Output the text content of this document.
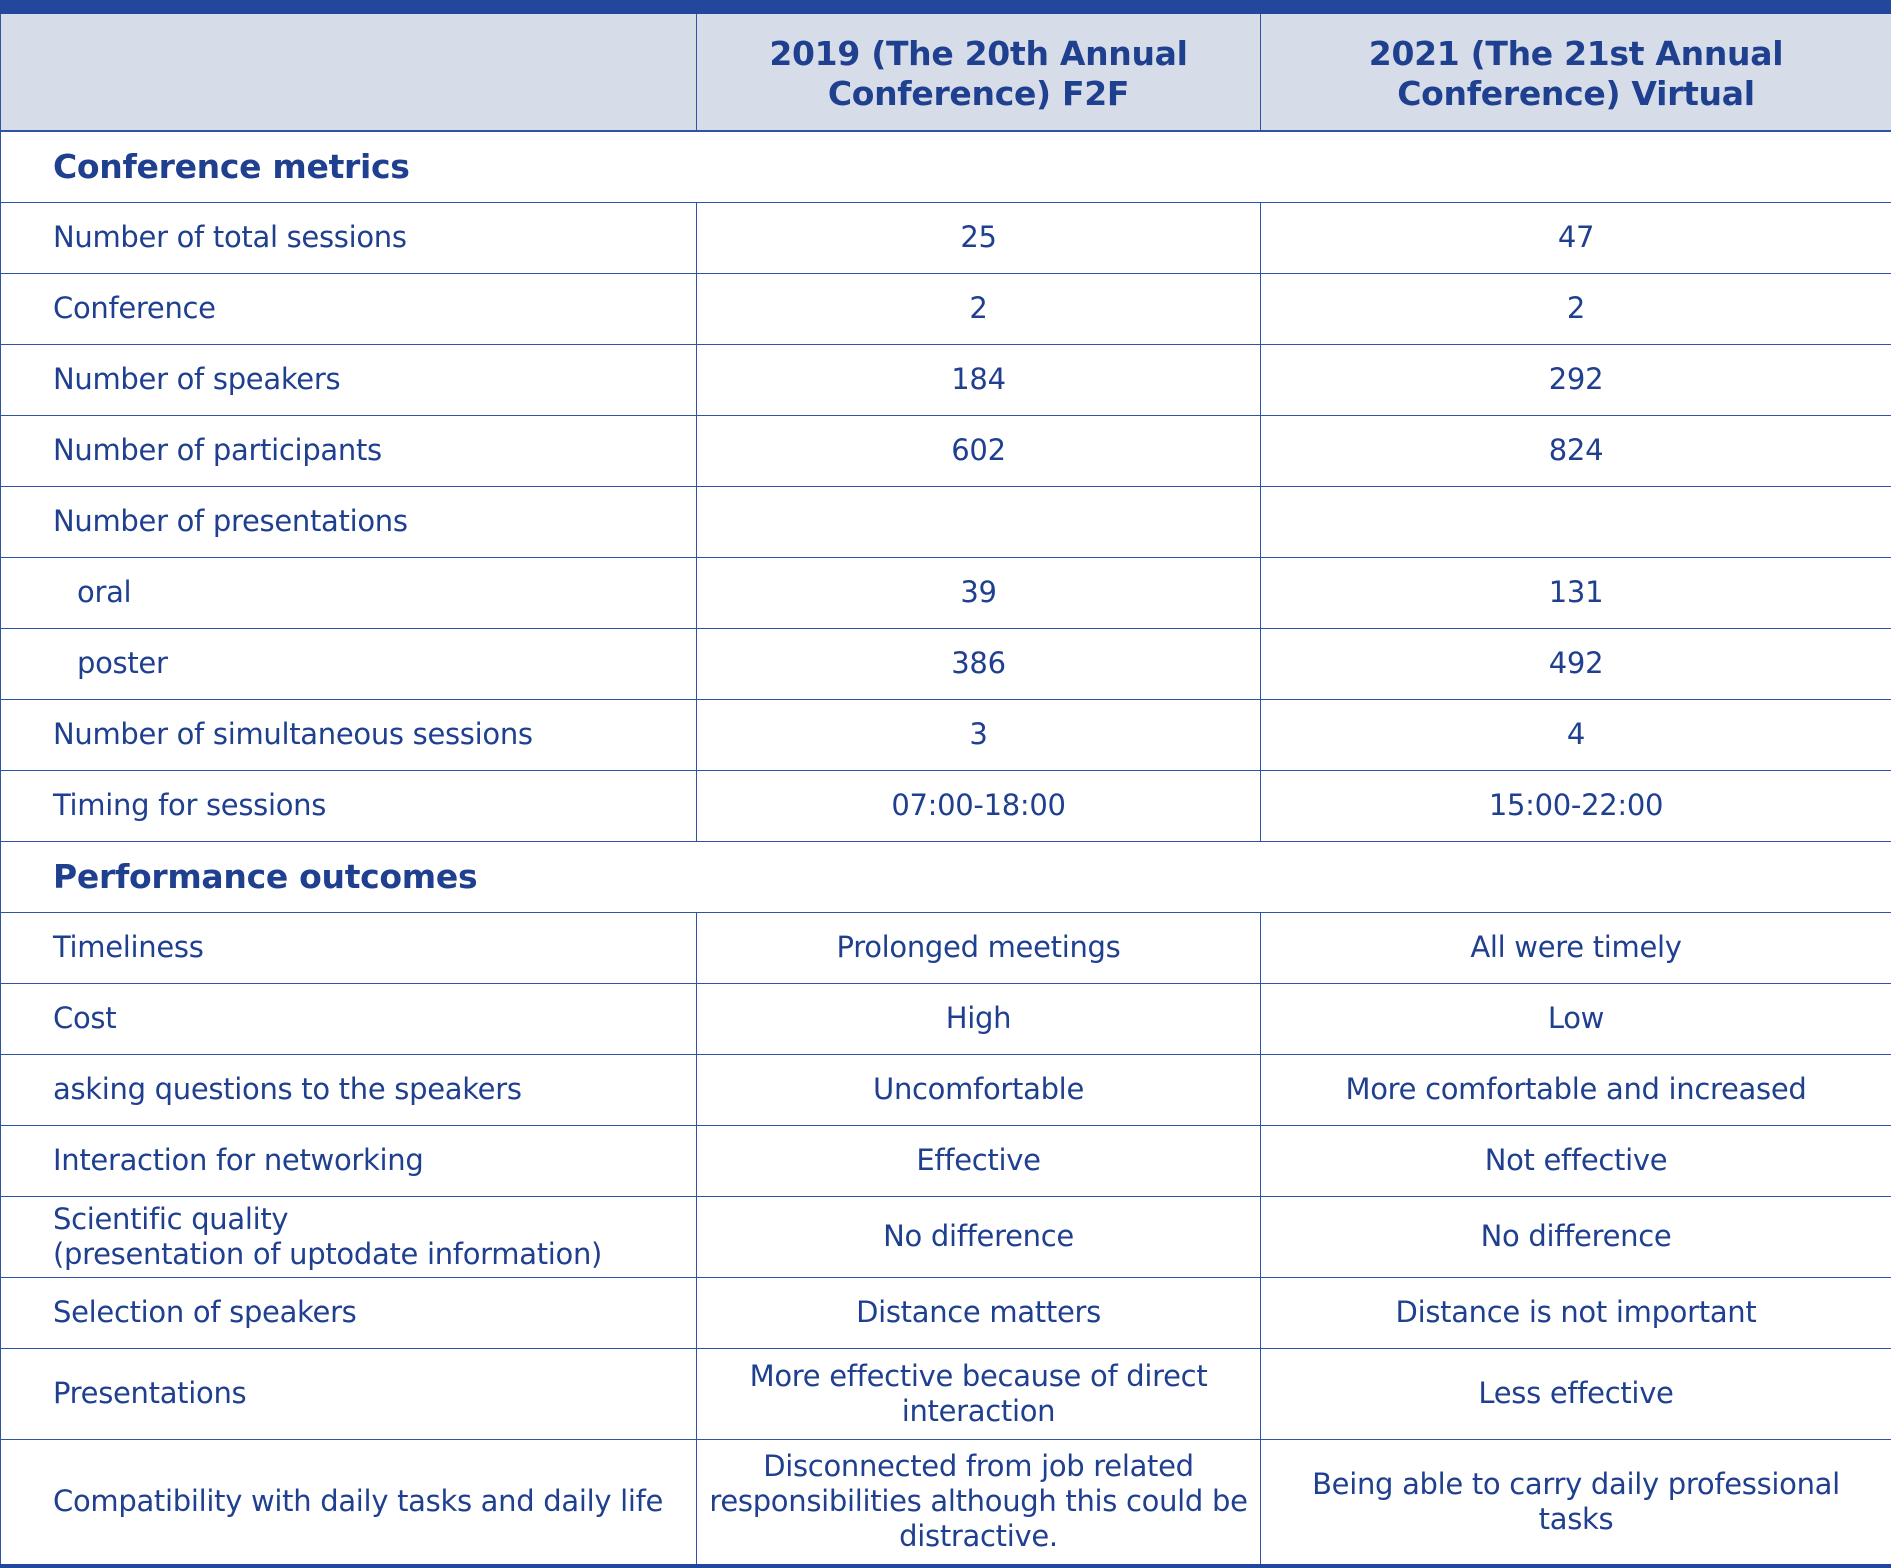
	2019 (The 20th Annual Conference) F2F	2021 (The 21st Annual Conference) Virtual
Conference metrics		
Number of total sessions	25	47
Conference	2	2
Number of speakers	184	292
Number of participants	602	824
Number of presentations		
oral	39	131
poster	386	492
Number of simultaneous sessions	3	4
Timing for sessions	07:00-18:00	15:00-22:00
Performance outcomes		
Timeliness	Prolonged meetings	All were timely
Cost	High	Low
asking questions to the speakers	Uncomfortable	More comfortable and increased
Interaction for networking	Effective	Not effective
Scientific quality
(presentation of uptodate information)	No difference	No difference
Selection of speakers	Distance matters	Distance is not important
Presentations	More effective because of direct interaction	Less effective
Compatibility with daily tasks and daily life	Disconnected from job related responsibilities although this could be distractive.	Being able to carry daily professional tasks
